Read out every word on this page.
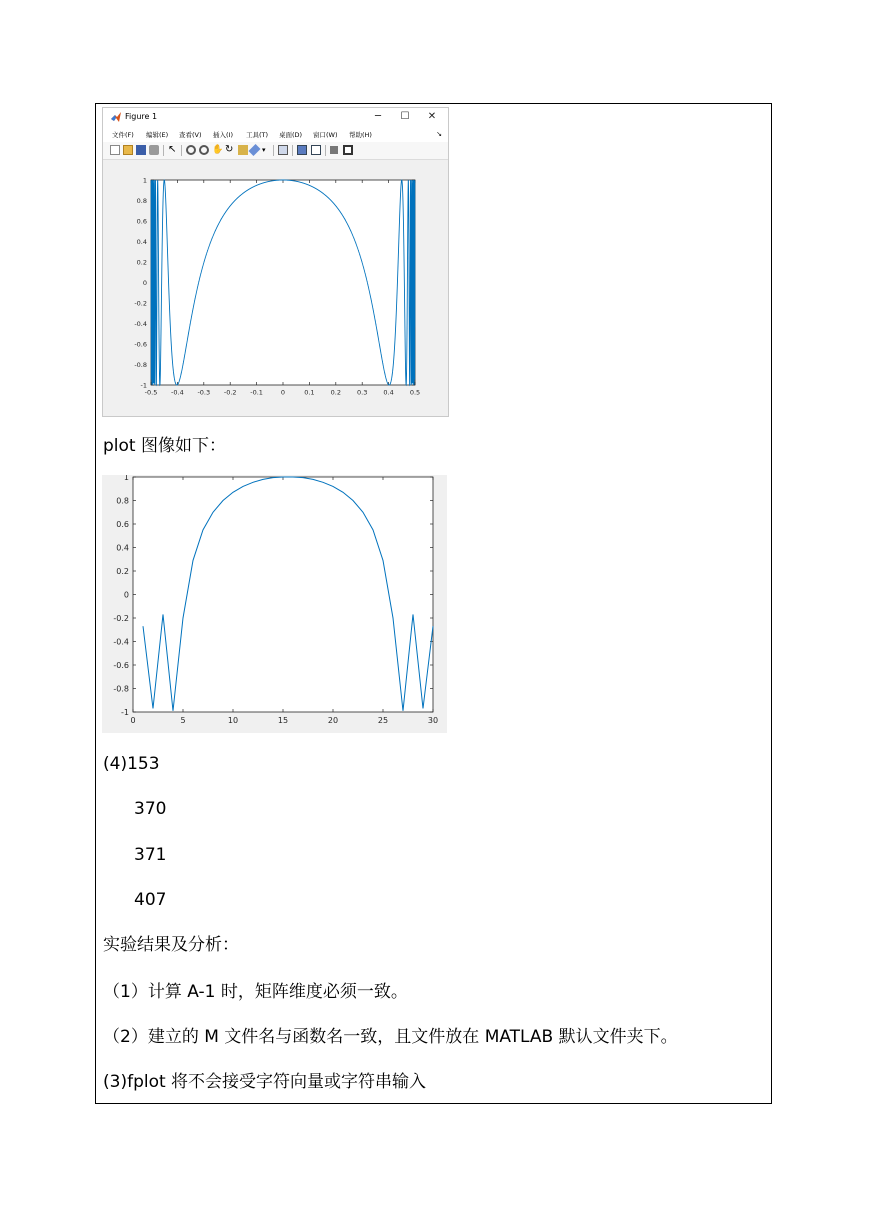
Figure 1	─	☐	✕
文件(F) 编辑(E) 查看(V) 插入(I) 工具(T) 桌面(D) 窗口(W) 帮助(H)	↘
↖	✋ ↻	▾
-0.5 -0.4 -0.3 -0.2 -0.1	0	0.1 0.2 0.3 0.4 0.5
1
0.8
0.6
0.4
0.2
0
-0.2
-0.4
-0.6
-0.8
-1
plot 图像如下：
0	5	10	15	20	25	30
1
0.8
0.6
0.4
0.2
0
-0.2
-0.4
-0.6
-0.8
-1
(4)153
370
371
407
实验结果及分析：
（1）计算 A-1 时，矩阵维度必须一致。
（2）建立的 M 文件名与函数名一致，且文件放在 MATLAB 默认文件夹下。
(3)fplot 将不会接受字符向量或字符串输入
